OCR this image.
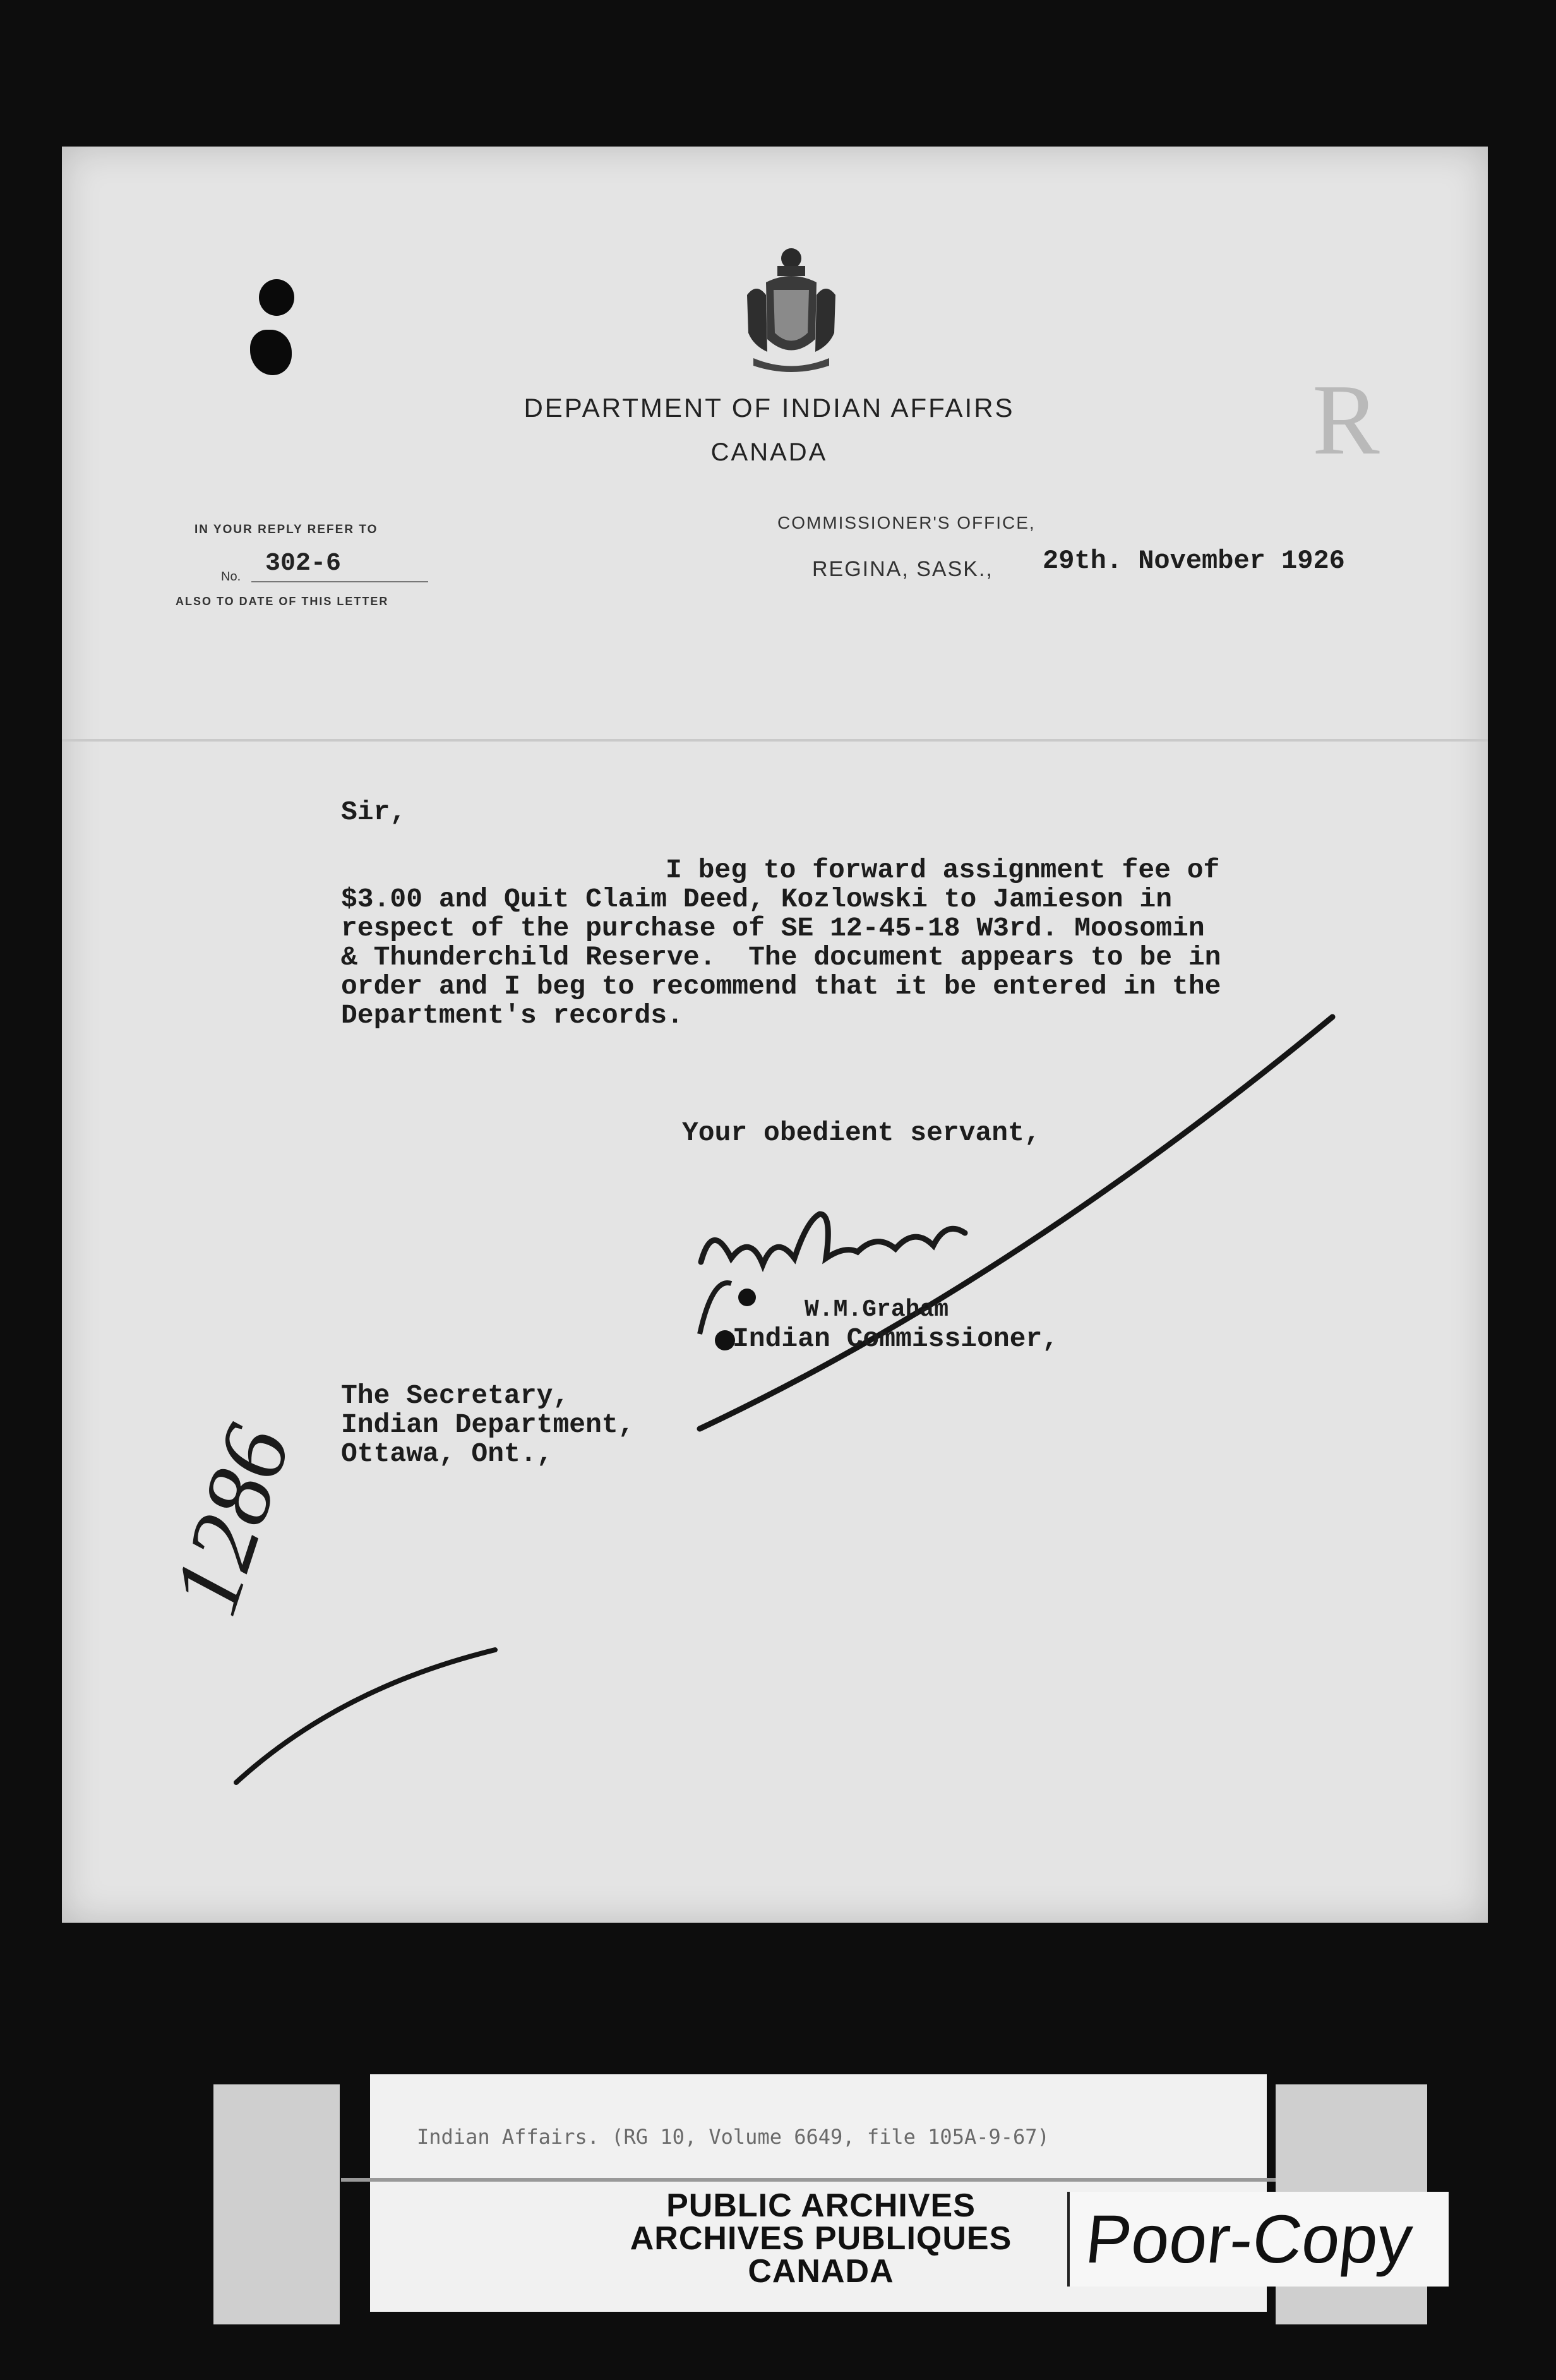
DEPARTMENT OF INDIAN AFFAIRS
CANADA	R
IN YOUR REPLY REFER TO
No. 302-6
ALSO TO DATE OF THIS LETTER
COMMISSIONER'S OFFICE,
REGINA, SASK., 29th. November 1926
Sir,
I beg to forward assignment fee of
$3.00 and Quit Claim Deed, Kozlowski to Jamieson in
respect of the purchase of SE 12-45-18 W3rd. Moosomin
& Thunderchild Reserve.  The document appears to be in
order and I beg to recommend that it be entered in the
Department's records.
Your obedient servant,
W.M.Graham
Indian Commissioner,
The Secretary,
Indian Department,
Ottawa, Ont.,
1286
Indian Affairs. (RG 10, Volume 6649, file 105A-9-67)
PUBLIC ARCHIVES
ARCHIVES PUBLIQUES
CANADA	Poor-Copy
